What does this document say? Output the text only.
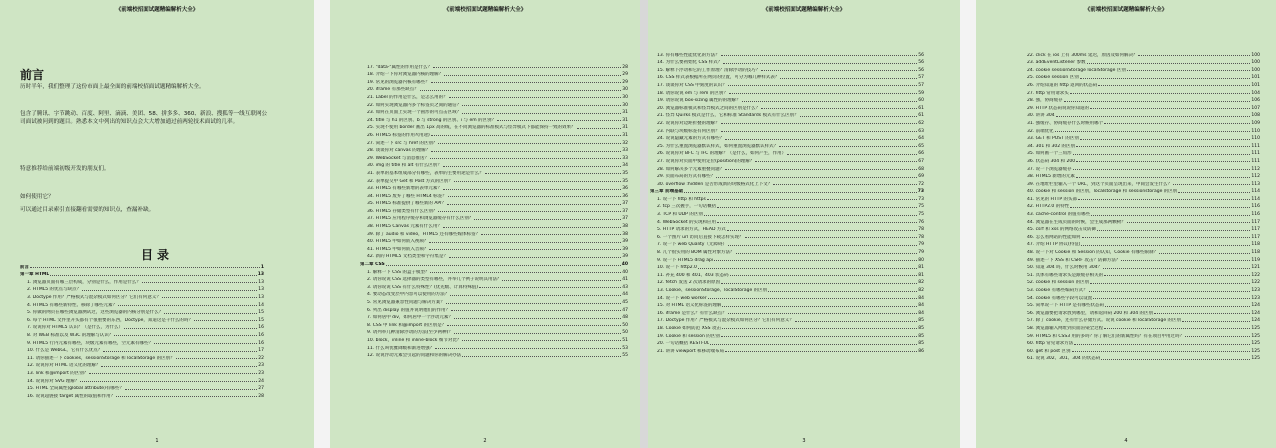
《前端校招面试题精编解析大全》
前言
历时半年，我们整理了这份市面上最全面的前端校招面试题精编解析大全。
包含了腾讯、字节跳动、百度、阿里、滴滴、美团、58、拼多多、360、新浪、搜狐等一线互联网公司面试被问到的题目。熟悉本文中列出的知识点会大大增加通过前两轮技术面试的几率。
特意推荐给前端初级开发的朋友们。
如何使用它？
可以通过目录索引直接翻看需要的知识点，查漏补缺。
目录
前言	1
第一章 HTML	13
1. 浏览器页面有哪三层构成，分别是什么，作用是什么？	13
2. HTML5 的优点与缺点？	13
3. Doctype 作用？严格模式与混杂模式如何区分？它们有何意义？	13
4. HTML5 有哪些新特性、移除了哪些元素？	14
5. 你做的网页在哪些浏览器测试过，这些浏览器的内核分别是什么？	15
6. 每个 HTML 文件里开头都有个很重要的东西，Doctype，知道这是干什么的吗？	15
7. 说说你对 HTML5 认识？（是什么，为什么）	16
8. 对 WEB 标准以及 W3C 的理解与认识？	16
9. HTML5 行内元素有哪些，块级元素有哪些，空元素有哪些？	16
10. 什么是 WebGL，它有什么优点？	17
11. 请你描述一下 cookies，sessionStorage 和 localStorage 的区别？	22
12. 说说你对 HTML 语义化的理解？	23
13. link 和@import 的区别？	23
14. 说说你对 SVG 理解？	24
15. HTML 全局属性(global attribute)有哪些？	27
16. 说说超链接 target 属性的取值和作用？	28
1
《前端校招面试题精编解析大全》
17. "data-"属性的作用是什么？	28
18. 介绍一下你对浏览器内核的理解？	29
19. 常见的浏览器内核有哪些？	29
20. iframe 有那些缺点？	30
21. Label 的作用是什么，是怎么用的？	30
22. 如何实现浏览器内多个标签页之间的通信？	30
23. 如何在页面上实现一个圆形的可点击区域？	31
24. title 与 h1 的区别、b 与 strong 的区别、i 与 em 的区别？	31
25. 实现不使用 border 画出 1px 高的线，在不同浏览器的标准模式与怪异模式下都能保持一致的效果？	31
26. HTML5 标签的作用?(用途)	31
27. 简述一下 src 与 href 的区别？	32
28. 谈谈你对 canvas 的理解？	33
29. WebSocket 与消息推送？	33
30. img 的 title 和 alt 有什么区别？	34
31. 表单的基本组成部分有哪些，表单的主要用途是什么？	35
32. 表单提交中 Get 和 Post 方式的区别？	35
33. HTML5 有哪些新增的表单元素？	36
34. HTML5 废弃了哪些 HTML4 标签？	36
35. HTML5 标准提供了哪些新的 API？	37
36. HTML5 存储类型有什么区别？	37
37. HTML5 应用程序缓存和浏览器缓存有什么区别？	37
38. HTML5 Canvas 元素有什么用？	38
39. 除了 audio 和 video，HTML5 还有哪些媒体标签？	38
40. HTML5 中如何嵌入视频？	39
41. HTML5 中如何嵌入音频？	39
42. 新的 HTML5 文档类型和字符集是？	39
第二章 CSS	40
1. 解释一下 CSS 的盒子模型？	40
2. 请你说说 CSS 选择器的类型有哪些，并举几个例子说明其用法？	41
3. 请你说说 CSS 有什么特殊性？(优先级、计算特殊值)	43
4. 要动态改变层中内容可以使用的方法？	44
5. 常见浏览器兼容性问题与解决方案？	45
6. 列出 display 的值并说明他们的作用？	47
7. 如何居中 div，如何居中一个浮动元素？	48
8. CSS 中 link 和@import 的区别是？	50
9. 请列举几种清除浮动的方法(至少两种)？	50
10. block，inline 和 inline-block 细节对比？	51
11. 什么叫优雅降级和渐进增强？	53
12. 说说浮动元素会引起的问题和你的解决办法	55
2
《前端校招面试题精编解析大全》
13. 你有哪些性能优化的方法？	56
14. 为什么要初始化 CSS 样式？	56
15. 解释下浮动和它的工作原理？清除浮动的技巧？	56
16. CSS 样式表根据所在网页的位置，可分为哪几种样式表？	57
17. 谈谈你对 CSS 中刻度的认识？	57
18. 请你说说 em 与 rem 的区别？	59
19. 请你说说 box-sizing 属性的的理解？	60
20. 浏览器标准模式和怪异模式之间的区别是什么？	61
21. 怪异 Quirks 模式是什么，它和标准 Standards 模式有什么区别？	61
22. 说说你对边距折叠的理解？	62
23. 内联与块级标签有何区别？	63
24. 说说隐藏元素的方式有哪些？	64
25. 为什么重置浏览器默认样式，如何重置浏览器默认样式？	65
26. 说说你对 BFC 与 IFC 的理解？（是什么，如何产生，作用）	66
27. 说说你对页面中使用定位(position)的理解？	67
28. 如何解决多个元素重叠问题？	68
29. 页面布局的方式有哪些？	69
30. overflow :hidden 是否形成新的块级格式化上下文？	72
第三章 前端基础	73
1. 说一下 http 和 https	73
2. tcp 三次握手，一句话概括	75
3. TCP 和 UDP 的区别	75
4. WebSocket 的实现和应用	76
5. HTTP 请求的方式，HEAD 方式	78
6. 一个图片 url 访问后直接下载怎样实现？	78
7. 说一下 web Quality（无障碍）	79
8. 几个很实用的 BOM 属性对象方法？	79
9. 说一下 HTML5 drag api	80
10. 说一下 http2.0	81
11. 补充 400 和 401、403 状态码	81
12. fetch 发送 2 次请求的原因	82
13. Cookie、sessionStorage、localStorage 的区别	82
14. 说一下 web worker	84
15. 对 HTML 语义化标签的理解	84
16. iframe 是什么？有什么缺点？	84
17. Doctype 作用？严格模式与混杂模式如何区分？它们有何意义？	85
18. Cookie 如何防范 XSS 攻击	85
19. Cookie 和 session 的区别	85
20. 一句话概括 RESTFUL	85
21. 讲讲 viewport 和移动端布局	86
3
《前端校招面试题精编解析大全》
22. click 在 ios 上有 300ms 延迟，原因及如何解决？	100
23. addEventListener 参数	100
24. cookie sessionStorage localStorage 区别	100
25. cookie session 区别	101
26. 介绍知道的 http 返回的状态码	101
27. http 常用请求头	104
28. 强，协商缓存	106
29. HTTP 状态码说说你知道的	107
30. 讲讲 304	108
31. 强缓存、协商缓存什么时候用哪个	109
32. 前端优化	110
33. GET 和 POST 的区别	110
34. 301 和 302 的区别	111
35. 如何画一个三角形	111
36. 状态码 304 和 200	111
37. 说一下浏览器缓存	112
38. HTML5 新增的元素	112
39. 在地址栏里输入一个 URL，到这个页面呈现出来，中间会发生什么？	113
40. cookie 和 session 的区别，localstorage 和 sessionstorage 的区别	114
41. 常见的 HTTP 的头部	114
42. HTTP2.0 的特性	116
43. cache-control 的值有哪些	116
44. 浏览器在生成页面的时候，会生成那两颗树？	117
45. csrf 和 xss 的网络攻击及防御	117
46. 怎么看网站的性能如何	117
47. 介绍 HTTP 协议(特征)	118
48. 说一下对 Cookie 和 Session 的认知，Cookie 有哪些限制？	118
49. 描述一下 XSS 和 CSRF 攻击？防御方法？	119
50. 知道 304 吗，什么时候用 304？	121
51. 具体有哪些请求头是跟缓存相关的	122
52. cookie 和 session 的区别	122
53. cookie 有哪些编码方式？	123
54. cookie 有哪些字段可以设置	123
55. 简单说一下 HTTP 是有哪些状态码	124
56. 浏览器要把请求放到哪里，请和返回码 200 和 304 的区别	124
57. 除了 cookie，还有什么存储方式。说说 cookie 和 localStorage 的区别	124
58. 浏览器输入网址到页面渲染全过程	125
59. HTML5 和 CSS3 用的多吗？你了解它们的新属性吗？有在项目中用过吗？	125
60. http 常见请求方法	125
60. get 和 post 区别	125
61. 说说 302、301、304 的状态码	125
4
